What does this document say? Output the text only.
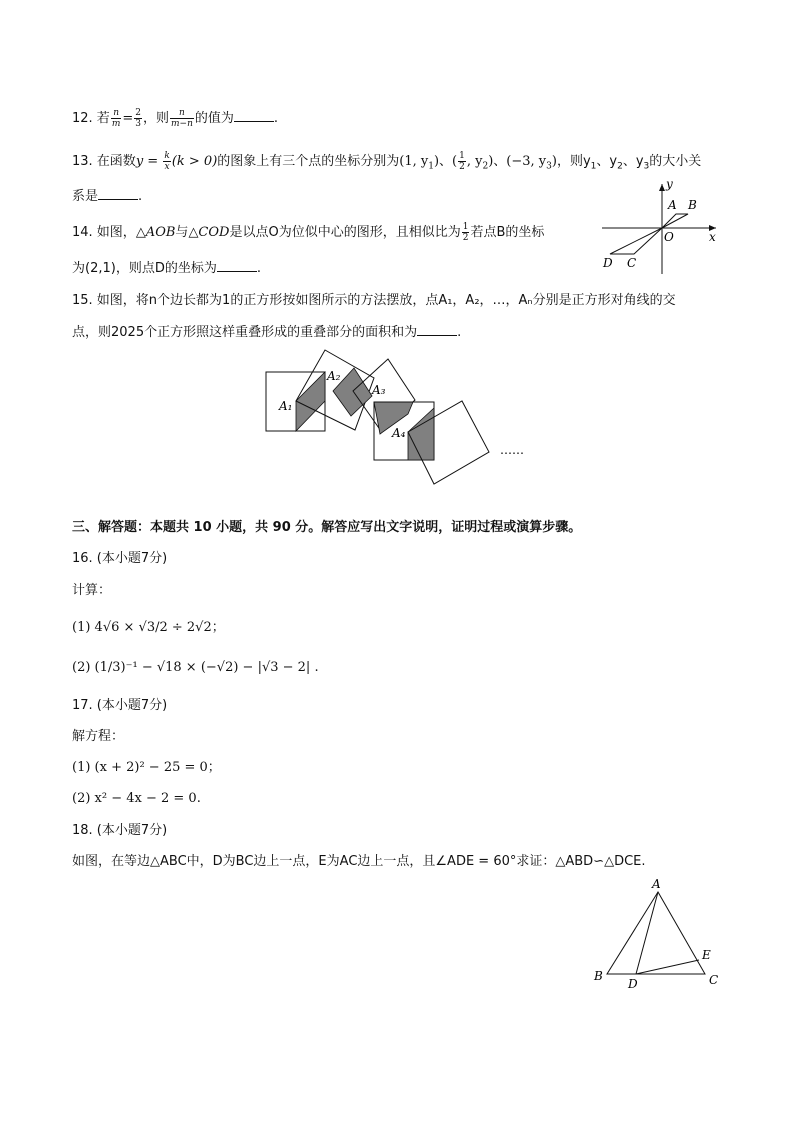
12. 若 $\frac{n}{m} = \frac{2}{3}$ ，则 $\frac{n}{m-n}$ 的值为	.
13. 在函数$y = \frac{k}{x} (k > 0)$的图象上有三个点的坐标分别为(1, $y_1$)、( $\frac{1}{2}$ , $y_2$)、(−3, $y_3$)，则$y_1$、$y_2$、$y_3$的大小关
系是	.
14. 如图，△AOB与△COD是以点O为位似中心的图形，且相似比为 $\frac{1}{2}$ 若点B的坐标
为(2,1)，则点D的坐标为	.
y
A B
O	x
D C
15. 如图，将n个边长都为1的正方形按如图所示的方法摆放，点A₁，A₂，…，Aₙ分别是正方形对角线的交
点，则2025个正方形照这样重叠形成的重叠部分的面积和为	.
A₁
A₂
A₃
A₄
……
三、解答题：本题共 10 小题，共 90 分。解答应写出文字说明，证明过程或演算步骤。
16. (本小题7分)
计算：
(1) 4√6 × √3/2 ÷ 2√2；
(2) (1/3)⁻¹ − √18 × (−√2) − |√3 − 2| .
17. (本小题7分)
解方程：
(1) (x + 2)² − 25 = 0；
(2) x² − 4x − 2 = 0.
18. (本小题7分)
如图，在等边△ABC中，D为BC边上一点，E为AC边上一点，且∠ADE = 60°求证：△ABD∽△DCE.
A
B	C
D
E
